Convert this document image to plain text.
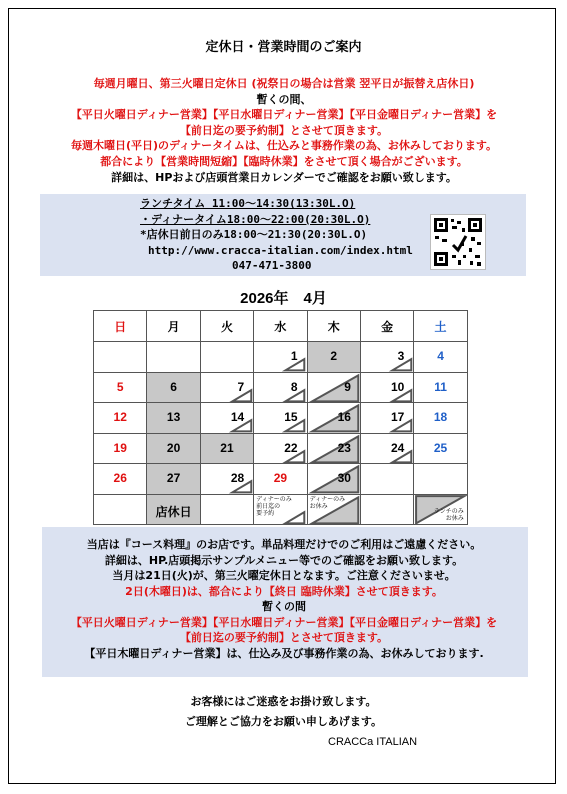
定休日・営業時間のご案内
毎週月曜日、第三火曜日定休日 (祝祭日の場合は営業 翌平日が振替え店休日)
暫くの間、
【平日火曜日ディナー営業】【平日水曜日ディナー営業】【平日金曜日ディナー営業】を
【前日迄の要予約制】とさせて頂きます。
毎週木曜日(平日)のディナータイムは、仕込みと事務作業の為、お休みしております。
都合により【営業時間短縮】【臨時休業】をさせて頂く場合がございます。
詳細は、HPおよび店頭営業日カレンダーでご確認をお願い致します。
ランチタイム 11:00～14:30(13:30L.O)
・ディナータイム18:00～22:00(20:30L.O)
*店休日前日のみ18:00～21:30(20:30L.O)
http://www.cracca-italian.com/index.html
047-471-3800
2026年　4月
日	月	火	水	木	金	土

			1	2	3	4

5	6	7	8	9	10	11

12	13	14	15	16	17	18

19	20	21	22	23	24	25

26	27	28	29	30		

	店休日		ディナーのみ
前日迄の
要予約	ディナーのみ
お休み		ランチのみ
お休み
当店は『コース料理』のお店です。単品料理だけでのご利用はご遠慮ください。
詳細は、HP.店頭掲示サンプルメニュー等でのご確認をお願い致します。
当月は21日(火)が、第三火曜定休日となます。ご注意くださいませ。
2日(木曜日)は、都合により【終日 臨時休業】させて頂きます。
暫くの間
【平日火曜日ディナー営業】【平日水曜日ディナー営業】【平日金曜日ディナー営業】を
【前日迄の要予約制】とさせて頂きます。
【平日木曜日ディナー営業】は、仕込み及び事務作業の為、お休みしております.
お客様にはご迷惑をお掛け致します。
ご理解とご協力をお願い申しあげます。
CRACCa ITALIAN
